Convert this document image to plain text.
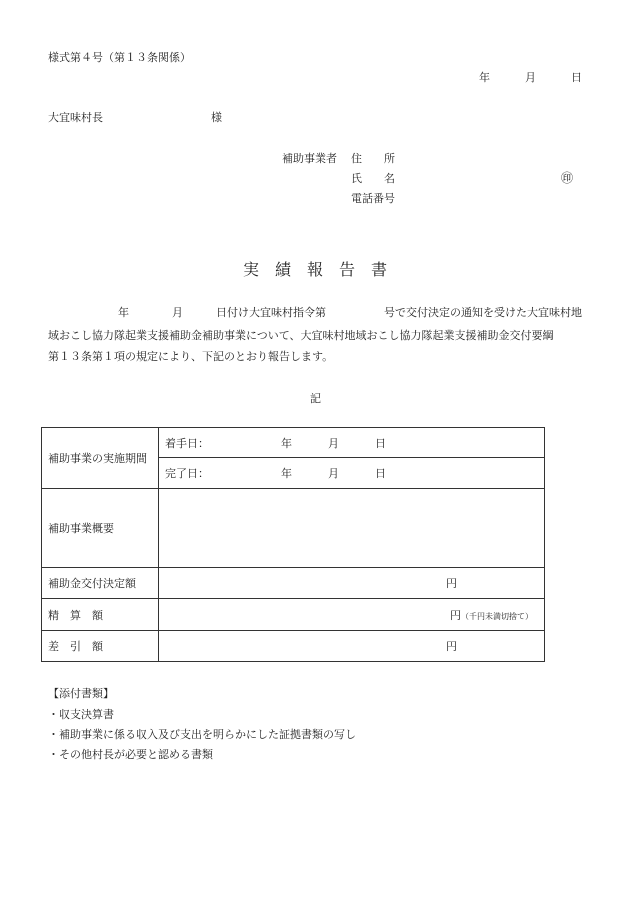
様式第４号（第１３条関係）
年	月	日
大宜味村長	様
補助事業者 住　　所
氏　　名	㊞
電話番号
実　績　報　告　書
年	月	日付け大宜味村指令第	号で交付決定の通知を受けた大宜味村地
域おこし協力隊起業支援補助金補助事業について、大宜味村地域おこし協力隊起業支援補助金交付要綱
第１３条第１項の規定により、下記のとおり報告します。
記
補助事業の実施期間	着手日： 年 月 日
	完了日： 年 月 日
補助事業概要	
補助金交付決定額	円
精　算　額	円（千円未満切捨て）
差　引　額	円
【添付書類】
・収支決算書
・補助事業に係る収入及び支出を明らかにした証拠書類の写し
・その他村長が必要と認める書類
